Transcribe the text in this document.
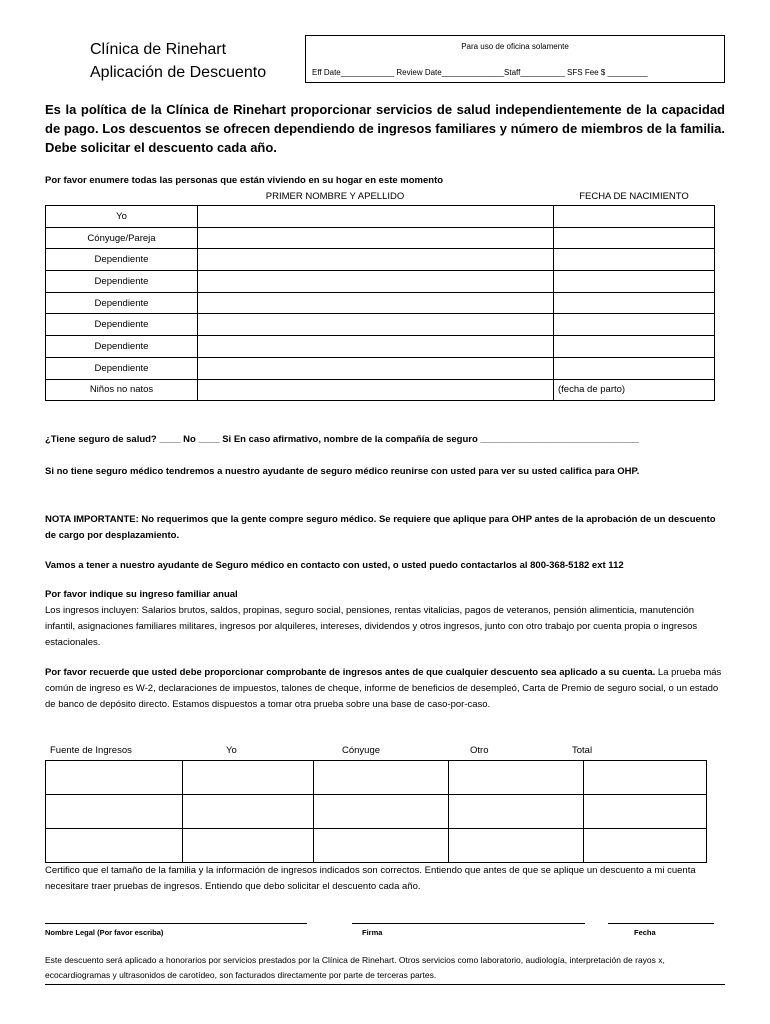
Clínica de Rinehart
Aplicación de Descuento
Para uso de oficina solamente
Eff Date____________ Review Date______________Staff__________ SFS Fee $ _________
Es la política de la Clínica de Rinehart proporcionar servicios de salud independientemente de la capacidad de pago. Los descuentos se ofrecen dependiendo de ingresos familiares y número de miembros de la familia. Debe solicitar el descuento cada año.
Por favor enumere todas las personas que están viviendo en su hogar en este momento
PRIMER NOMBRE Y APELLIDO	FECHA DE NACIMIENTO
Yo		
Cónyuge/Pareja		
Dependiente		
Dependiente		
Dependiente		
Dependiente		
Dependiente		
Dependiente		
Niños no natos		(fecha de parto)
¿Tiene seguro de salud? ____ No ____ Si En caso afirmativo, nombre de la compañía de seguro ______________________________
Si no tiene seguro médico tendremos a nuestro ayudante de seguro médico reunirse con usted para ver su usted califica para OHP.
NOTA IMPORTANTE: No requerimos que la gente compre seguro médico. Se requiere que aplique para OHP antes de la aprobación de un descuento de cargo por desplazamiento.
Vamos a tener a nuestro ayudante de Seguro médico en contacto con usted, o usted puedo contactarlos al 800-368-5182 ext 112
Por favor indique su ingreso familiar anual
Los ingresos incluyen: Salarios brutos, saldos, propinas, seguro social, pensiones, rentas vitalicias, pagos de veteranos, pensión alimenticia, manutención infantil, asignaciones familiares militares, ingresos por alquileres, intereses, dividendos y otros ingresos, junto con otro trabajo por cuenta propia o ingresos estacionales.
Por favor recuerde que usted debe proporcionar comprobante de ingresos antes de que cualquier descuento sea aplicado a su cuenta. La prueba más común de ingreso es W-2, declaraciones de impuestos, talones de cheque, informe de beneficios de desempleó, Carta de Premio de seguro social, o un estado de banco de depósito directo. Estamos dispuestos a tomar otra prueba sobre una base de caso-por-caso.
Fuente de Ingresos	Yo	Cónyuge	Otro	Total

Certifico que el tamaño de la familia y la información de ingresos indicados son correctos. Entiendo que antes de que se aplique un descuento a mi cuenta necesitare traer pruebas de ingresos. Entiendo que debo solicitar el descuento cada año.
Nombre Legal (Por favor escriba)	Firma	Fecha
Este descuento será aplicado a honorarios por servicios prestados por la Clínica de Rinehart. Otros servicios como laboratorio, audiología, interpretación de rayos x, ecocardiogramas y ultrasonidos de carotídeo, son facturados directamente por parte de terceras partes.
